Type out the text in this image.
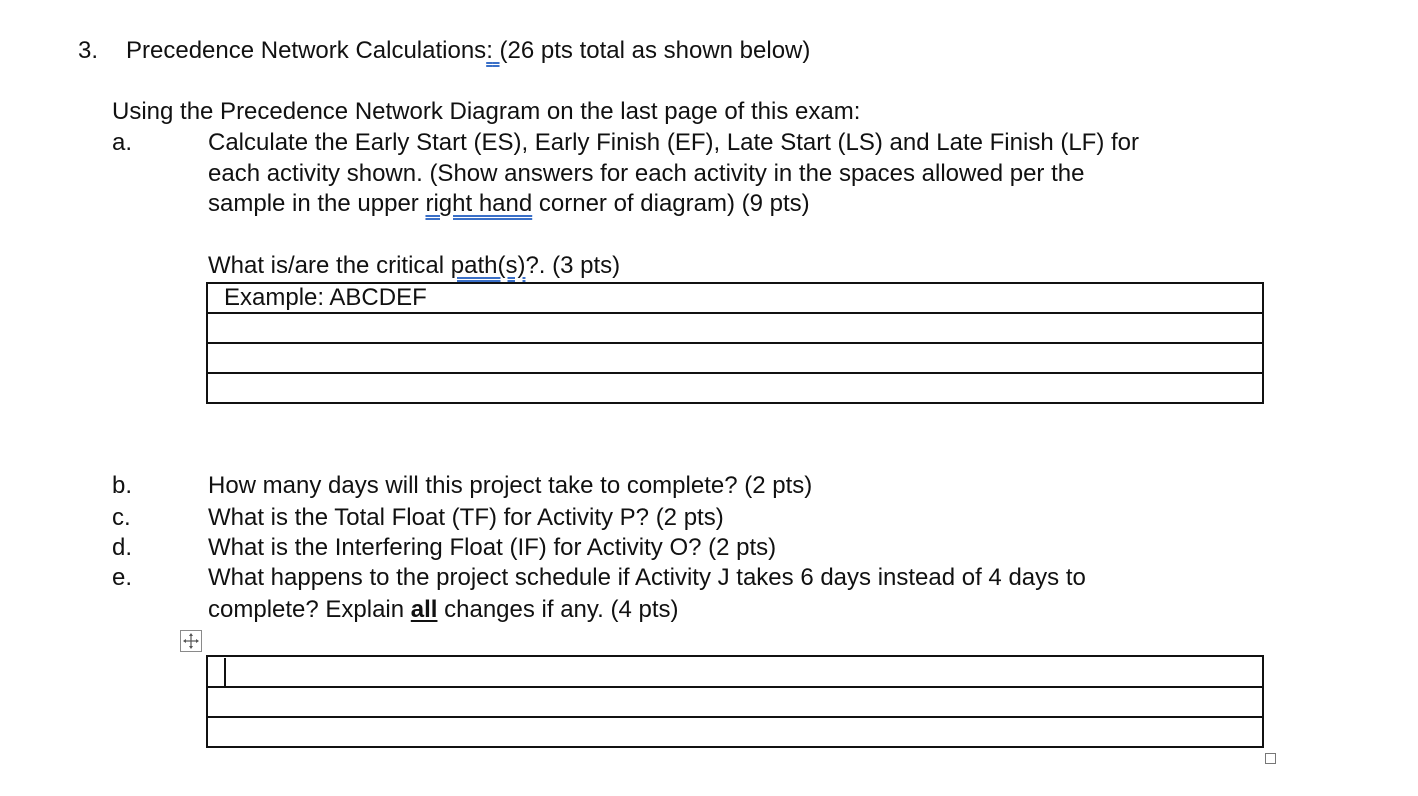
3. Precedence Network Calculations: (26 pts total as shown below)
Using the Precedence Network Diagram on the last page of this exam:
a.	Calculate the Early Start (ES), Early Finish (EF), Late Start (LS) and Late Finish (LF) for
each activity shown. (Show answers for each activity in the spaces allowed per the
sample in the upper right hand corner of diagram) (9 pts)
What is/are the critical path(s)?. (3 pts)
Example: ABCDEF

b.	How many days will this project take to complete? (2 pts)
c.	What is the Total Float (TF) for Activity P? (2 pts)
d.	What is the Interfering Float (IF) for Activity O? (2 pts)
e.	What happens to the project schedule if Activity J takes 6 days instead of 4 days to
complete? Explain all changes if any. (4 pts)
